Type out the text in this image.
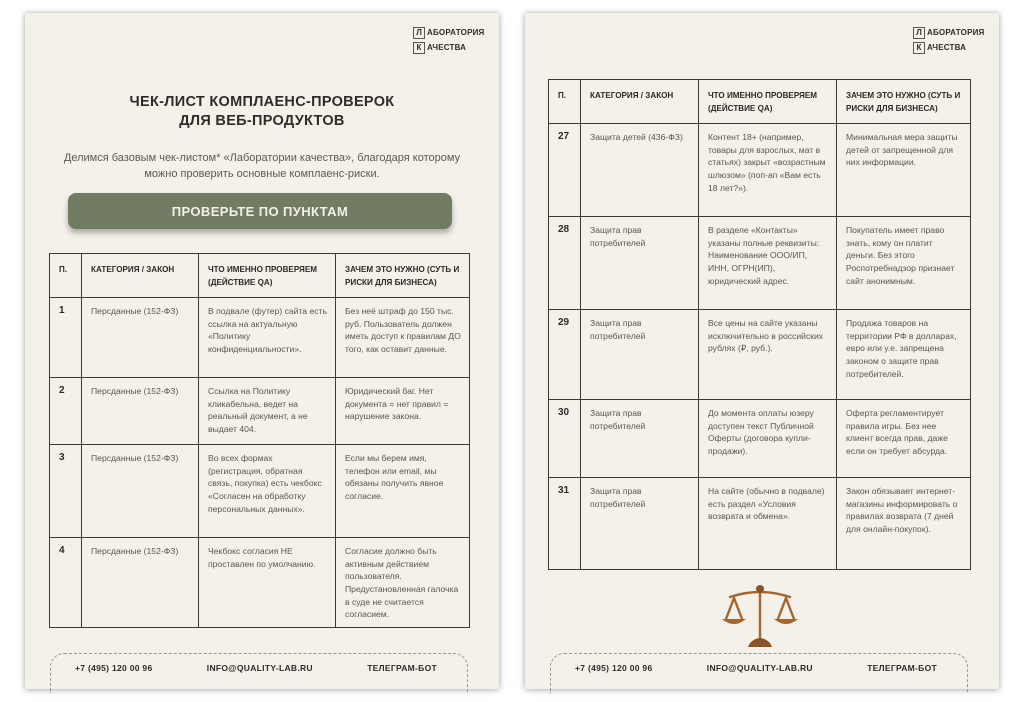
Л АБОРАТОРИЯ
К АЧЕСТВА
ЧЕК-ЛИСТ КОМПЛАЕНС-ПРОВЕРОК
ДЛЯ ВЕБ-ПРОДУКТОВ
Делимся базовым чек-листом* «Лаборатории качества», благодаря которому можно проверить основные комплаенс-риски.
ПРОВЕРЬТЕ ПО ПУНКТАМ
П.	КАТЕГОРИЯ / ЗАКОН	ЧТО ИМЕННО ПРОВЕРЯЕМ (ДЕЙСТВИЕ QA)	ЗАЧЕМ ЭТО НУЖНО (СУТЬ И РИСКИ ДЛЯ БИЗНЕСА)
1	Персданные (152-ФЗ)	В подвале (футер) сайта есть ссылка на актуальную «Политику конфиденциальности».	Без неё штраф до 150 тыс. руб. Пользователь должен иметь доступ к правилам ДО того, как оставит данные.
2	Персданные (152-ФЗ)	Ссылка на Политику кликабельна, ведет на реальный документ, а не выдает 404.	Юридический баг. Нет документа = нет правил = нарушение закона.
3	Персданные (152-ФЗ)	Во всех формах (регистрация, обратная связь, покупка) есть чекбокс «Согласен на обработку персональных данных».	Если мы берем имя, телефон или email, мы обязаны получить явное согласие.
4	Персданные (152-ФЗ)	Чекбокс согласия НЕ проставлен по умолчанию.	Согласие должно быть активным действием пользователя. Предустановленная галочка в суде не считается согласием.
+7 (495) 120 00 96	INFO@QUALITY-LAB.RU	ТЕЛЕГРАМ-БОТ
Л АБОРАТОРИЯ
К АЧЕСТВА
П.	КАТЕГОРИЯ / ЗАКОН	ЧТО ИМЕННО ПРОВЕРЯЕМ (ДЕЙСТВИЕ QA)	ЗАЧЕМ ЭТО НУЖНО (СУТЬ И РИСКИ ДЛЯ БИЗНЕСА)
27	Защита детей (436-ФЗ)	Контент 18+ (например, товары для взрослых, мат в статьях) закрыт «возрастным шлюзом» (поп-ап «Вам есть 18 лет?»).	Минимальная мера защиты детей от запрещенной для них информации.
28	Защита прав потребителей	В разделе «Контакты» указаны полные реквизиты: Наименование ООО/ИП, ИНН, ОГРН(ИП), юридический адрес.	Покупатель имеет право знать, кому он платит деньги. Без этого Роспотребнадзор признает сайт анонимным.
29	Защита прав потребителей	Все цены на сайте указаны исключительно в российских рублях (₽, руб.).	Продажа товаров на территории РФ в долларах, евро или у.е. запрещена законом о защите прав потребителей.
30	Защита прав потребителей	До момента оплаты юзеру доступен текст Публичной Оферты (договора купли-продажи).	Оферта регламентирует правила игры. Без нее клиент всегда прав, даже если он требует абсурда.
31	Защита прав потребителей	На сайте (обычно в подвале) есть раздел «Условия возврата и обмена».	Закон обязывает интернет-магазины информировать о правилах возврата (7 дней для онлайн-покупок).
+7 (495) 120 00 96	INFO@QUALITY-LAB.RU	ТЕЛЕГРАМ-БОТ
